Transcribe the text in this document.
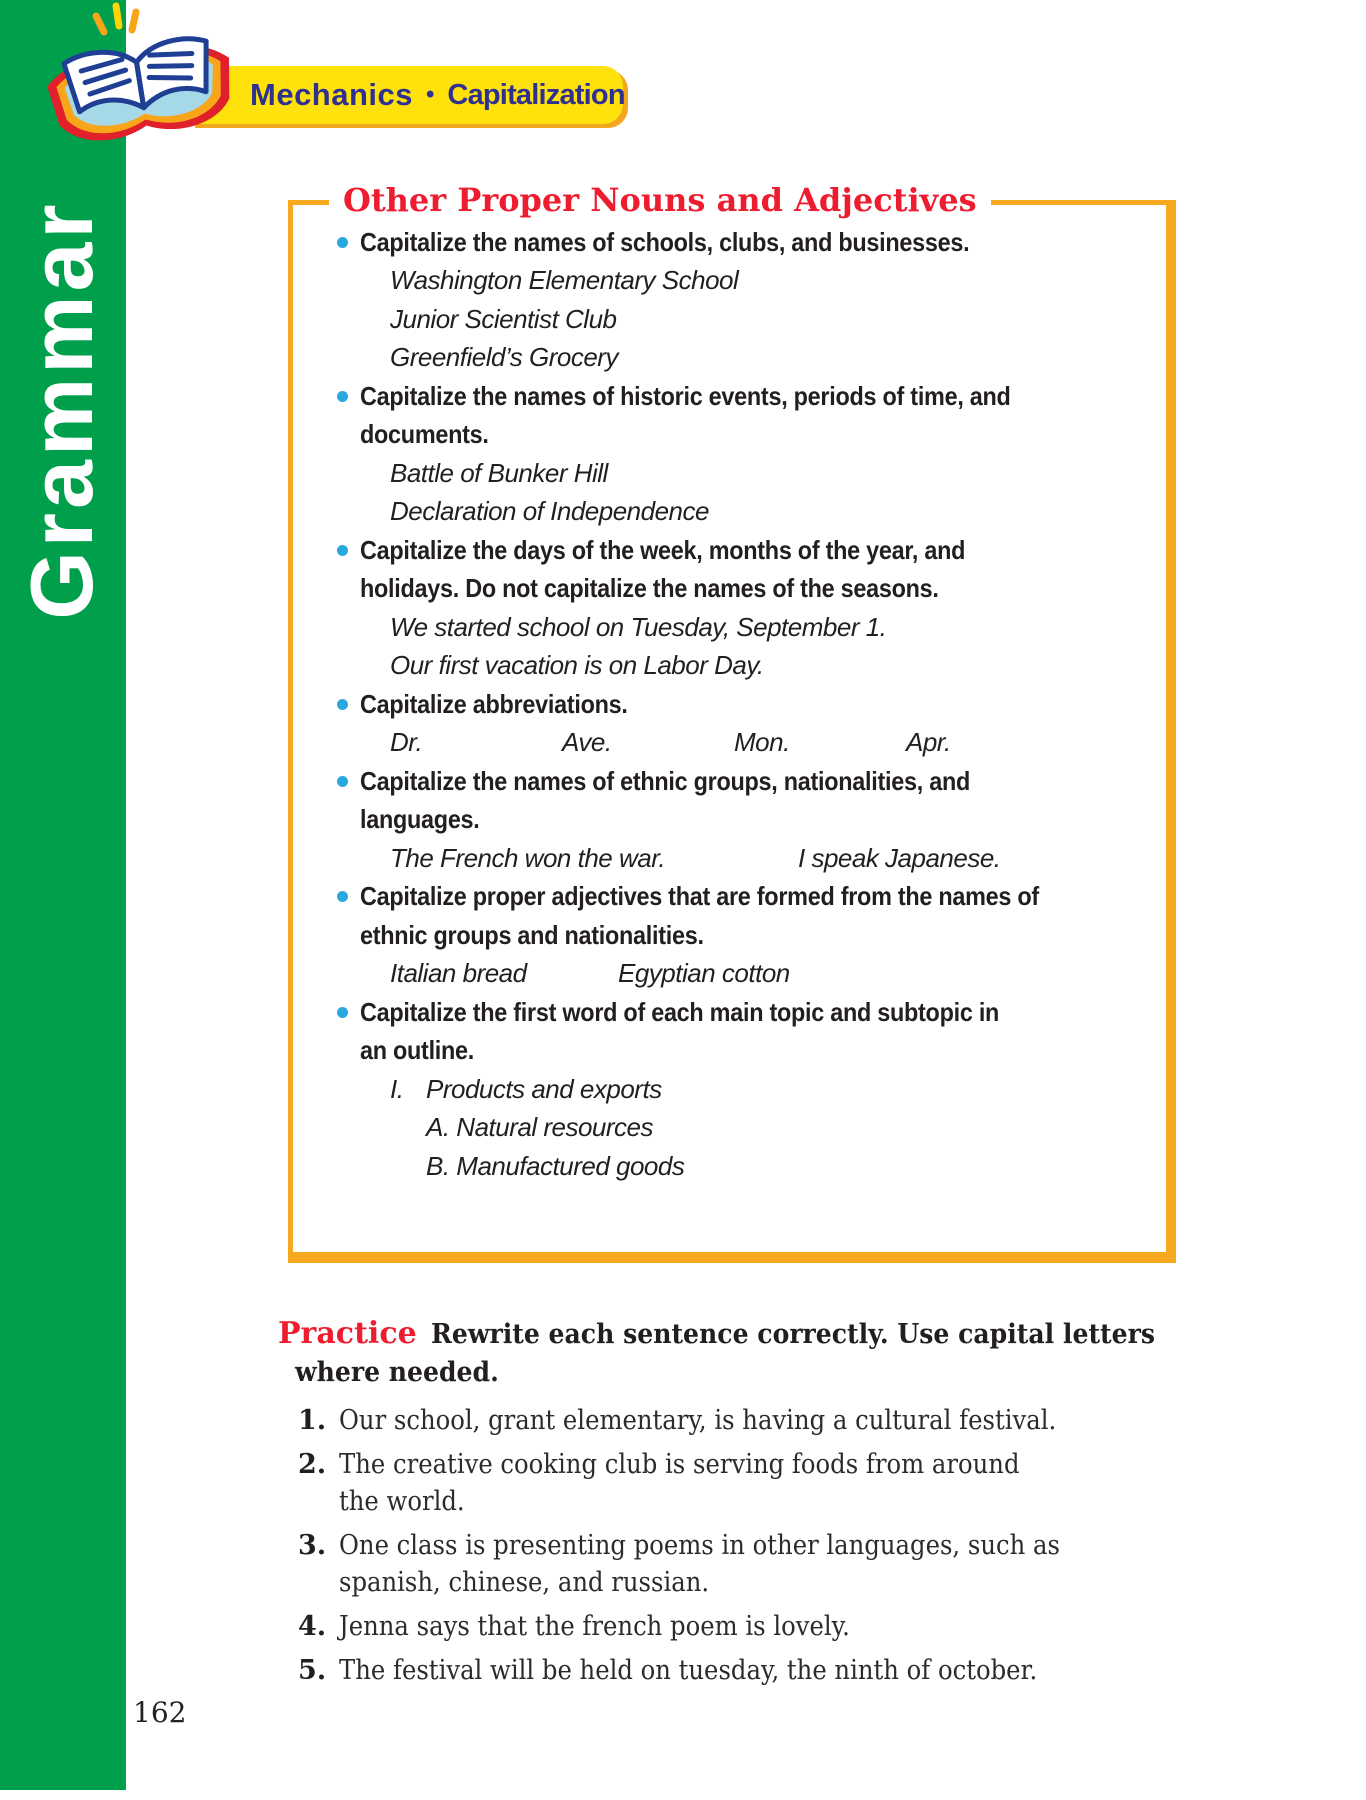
Grammar
Mechanics • Capitalization
Other Proper Nouns and Adjectives
Capitalize the names of schools, clubs, and businesses.
Washington Elementary School
Junior Scientist Club
Greenfield’s Grocery
Capitalize the names of historic events, periods of time, and
documents.
Battle of Bunker Hill
Declaration of Independence
Capitalize the days of the week, months of the year, and
holidays. Do not capitalize the names of the seasons.
We started school on Tuesday, September 1.
Our first vacation is on Labor Day.
Capitalize abbreviations.
Dr.	Ave.	Mon.	Apr.
Capitalize the names of ethnic groups, nationalities, and
languages.
The French won the war.	I speak Japanese.
Capitalize proper adjectives that are formed from the names of
ethnic groups and nationalities.
Italian bread	Egyptian cotton
Capitalize the first word of each main topic and subtopic in
an outline.
I. Products and exports
A. Natural resources
B. Manufactured goods
Practice Rewrite each sentence correctly. Use capital letters
where needed.
1. Our school, grant elementary, is having a cultural festival.
2. The creative cooking club is serving foods from around
the world.
3. One class is presenting poems in other languages, such as
spanish, chinese, and russian.
4. Jenna says that the french poem is lovely.
5. The festival will be held on tuesday, the ninth of october.
162
